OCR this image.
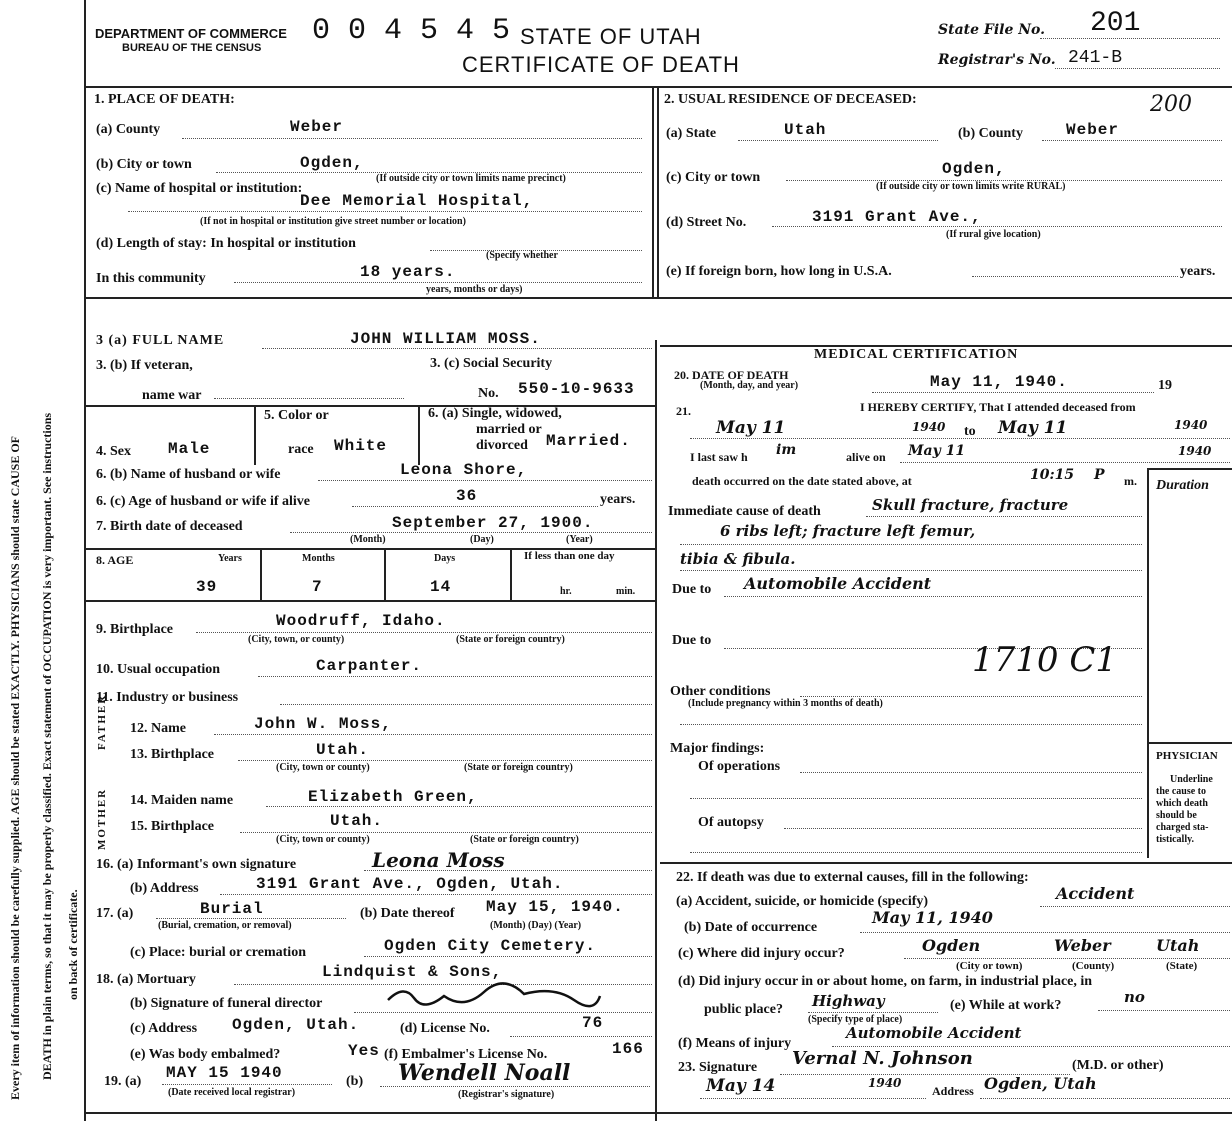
Every item of information should be carefully supplied. AGE should be stated EXACTLY. PHYSICIANS should state CAUSE OF DEATH in plain terms, so that it may be properly classified. Exact statement of OCCUPATION is very important. See instructions on back of certificate.
DEPARTMENT OF COMMERCE
BUREAU OF THE CENSUS 0 0 4 5 4 5 STATE OF UTAH
CERTIFICATE OF DEATH
State File No. 201
Registrar's No. 241-B
1. PLACE OF DEATH:
(a) County	Weber
(b) City or town	Ogden,
(c) Name of hospital or institution:
(If outside city or town limits name precinct)
Dee Memorial Hospital,
(If not in hospital or institution give street number or location)
(d) Length of stay: In hospital or institution
(Specify whether
In this community	18 years.
years, months or days)
2. USUAL RESIDENCE OF DECEASED:	200
(a) State	Utah	(b) County	Weber
(c) City or town	Ogden,
(If outside city or town limits write RURAL)
(d) Street No.	3191 Grant Ave.,
(If rural give location)
(e) If foreign born, how long in U.S.A.	years.
3 (a) FULL NAME	JOHN WILLIAM MOSS.
3. (b) If veteran,
name war
3. (c) Social Security
No. 550-10-9633
5. Color or	6. (a) Single, widowed,
married or
divorced Married.
4. Sex Male	race White
6. (b) Name of husband or wife	Leona Shore,
6. (c) Age of husband or wife if alive	36	years.
7. Birth date of deceased	September 27, 1900.
(Month)	(Day)	(Year)
8. AGE	Years	Months	Days	If less than one day
39	7	14	hr.	min.
9. Birthplace	Woodruff, Idaho.
(City, town, or county)	(State or foreign country)
10. Usual occupation	Carpanter.
11. Industry or business
FATHER 12. Name	John W. Moss,
13. Birthplace	Utah.
(City, town or county)	(State or foreign country)
MOTHER 14. Maiden name	Elizabeth Green,
15. Birthplace	Utah.
(City, town or county)	(State or foreign country)
16. (a) Informant's own signature	Leona Moss
(b) Address	3191 Grant Ave., Ogden, Utah.
17. (a)	Burial
(Burial, cremation, or removal)
(b) Date thereof May 15, 1940.
(Month) (Day) (Year)
(c) Place: burial or cremation	Ogden City Cemetery.
18. (a) Mortuary	Lindquist & Sons,
(b) Signature of funeral director
(c) Address Ogden, Utah.	(d) License No.	76
(e) Was body embalmed?	Yes (f) Embalmer's License No.	166
19. (a) MAY 15 1940
(Date received local registrar)
(b) Wendell Noall
(Registrar's signature)
MEDICAL CERTIFICATION
20. DATE OF DEATH
(Month, day, and year)	May 11, 1940.	19
21.	I HEREBY CERTIFY, That I attended deceased from
May 11	1940 to May 11	1940
I last saw h im	alive on May 11	1940
death occurred on the date stated above, at	10:15 P m. Duration
Immediate cause of death	Skull fracture, fracture
6 ribs left; fracture left femur,
tibia & fibula.
Due to Automobile Accident
Due to	1710 C1
Other conditions
(Include pregnancy within 3 months of death)
Major findings:
Of operations
Of autopsy
PHYSICIAN
Underline
the cause to
which death
should be
charged sta-
tistically.
22. If death was due to external causes, fill in the following:
(a) Accident, suicide, or homicide (specify)	Accident
(b) Date of occurrence
May 11, 1940
(c) Where did injury occur?	Ogden	Weber	Utah
(City or town)	(County)	(State)
(d) Did injury occur in or about home, on farm, in industrial place, in
public place? Highway
(Specify type of place)
(e) While at work?	no
(f) Means of injury
Automobile Accident
23. Signature Vernal N. Johnson	(M.D. or other)
May 14	1940
Address Ogden, Utah
